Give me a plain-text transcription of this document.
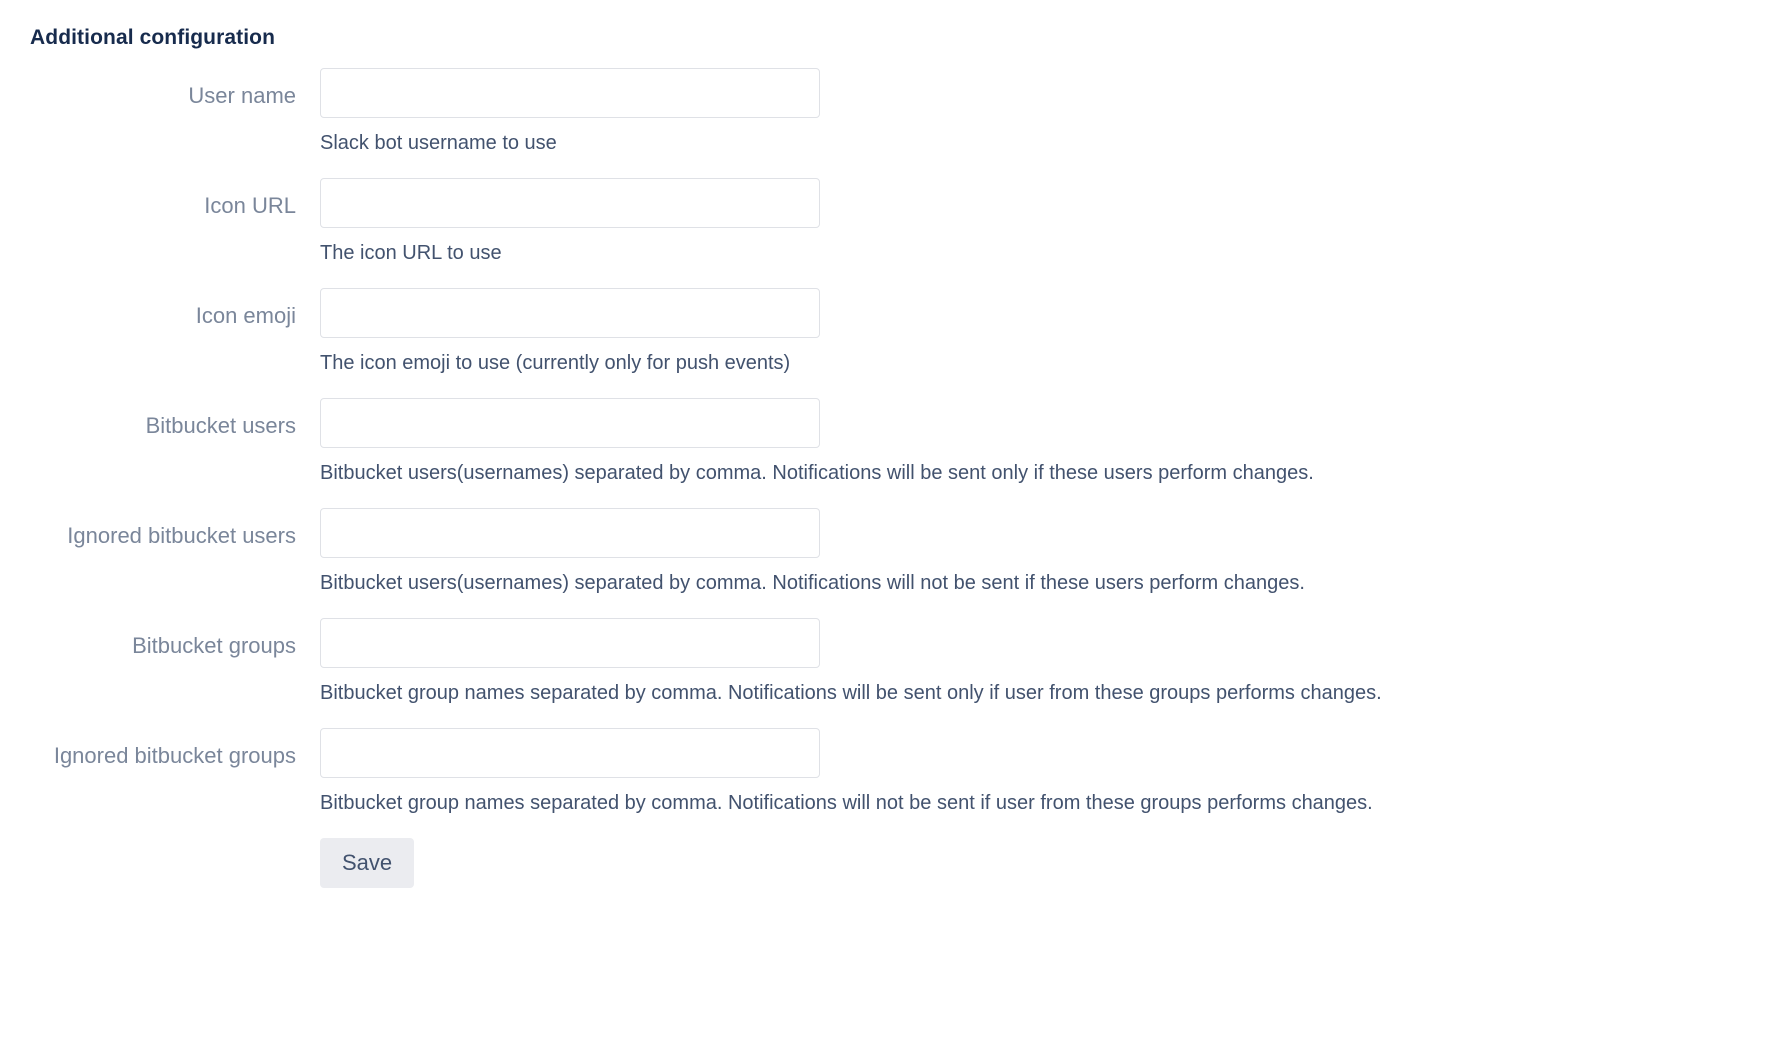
Additional configuration
User name
Slack bot username to use
Icon URL
The icon URL to use
Icon emoji
The icon emoji to use (currently only for push events)
Bitbucket users
Bitbucket users(usernames) separated by comma. Notifications will be sent only if these users perform changes.
Ignored bitbucket users
Bitbucket users(usernames) separated by comma. Notifications will not be sent if these users perform changes.
Bitbucket groups
Bitbucket group names separated by comma. Notifications will be sent only if user from these groups performs changes.
Ignored bitbucket groups
Bitbucket group names separated by comma. Notifications will not be sent if user from these groups performs changes.
Save
